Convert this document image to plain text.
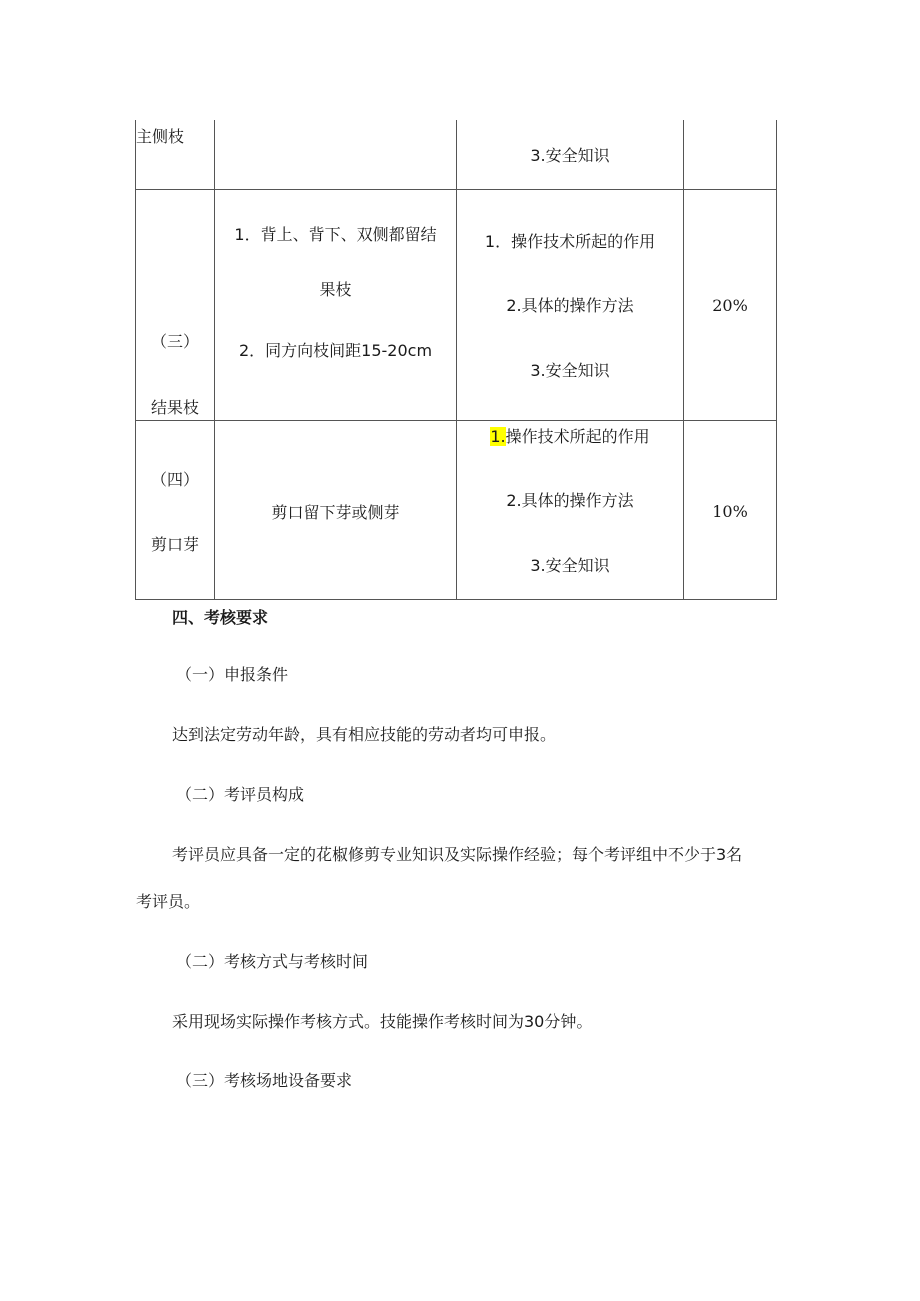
主侧枝
3.安全知识
（三）
结果枝
1．背上、背下、双侧都留结
果枝
2．同方向枝间距15-20cm
1．操作技术所起的作用
2.具体的操作方法
3.安全知识
20%
（四）
剪口芽
剪口留下芽或侧芽
1.操作技术所起的作用
2.具体的操作方法
3.安全知识
10%
四、考核要求
（一）申报条件
达到法定劳动年龄，具有相应技能的劳动者均可申报。
（二）考评员构成
考评员应具备一定的花椒修剪专业知识及实际操作经验；每个考评组中不少于3名
考评员。
（二）考核方式与考核时间
采用现场实际操作考核方式。技能操作考核时间为30分钟。
（三）考核场地设备要求
